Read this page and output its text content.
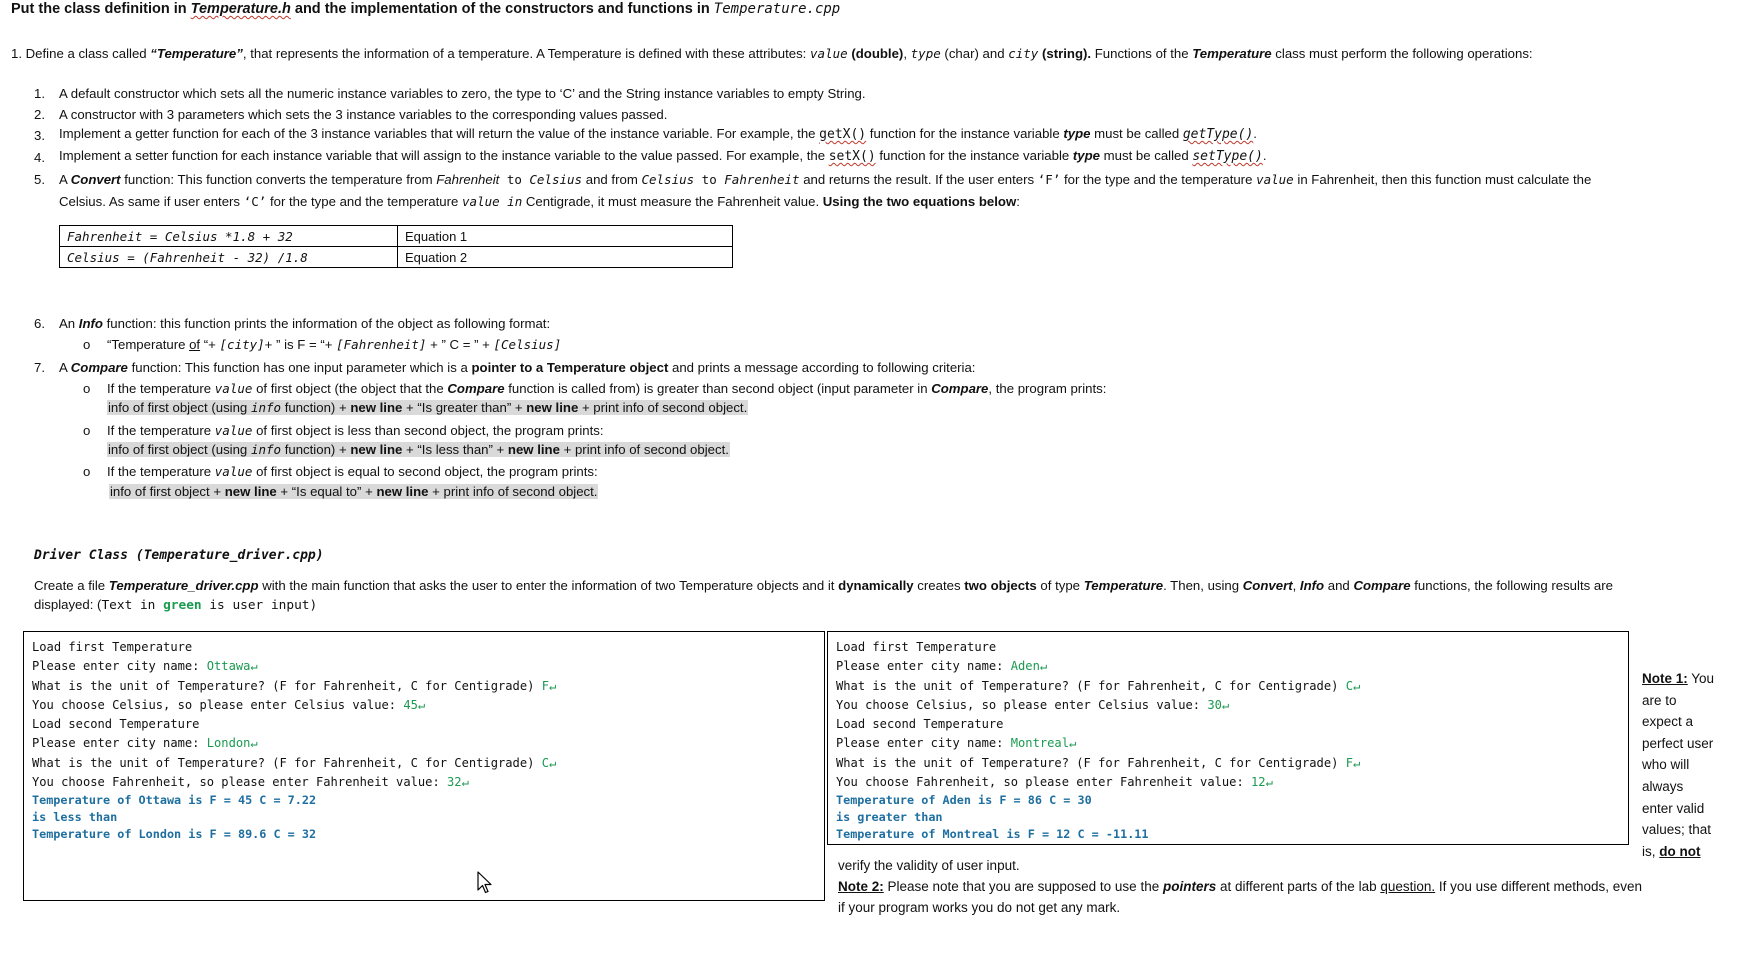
Put the class definition in Temperature.h and the implementation of the constructors and functions in Temperature.cpp
1. Define a class called “Temperature”, that represents the information of a temperature. A Temperature is defined with these attributes: value (double), type (char) and city (string). Functions of the Temperature class must perform the following operations:
1. A default constructor which sets all the numeric instance variables to zero, the type to ‘C’ and the String instance variables to empty String.
2. A constructor with 3 parameters which sets the 3 instance variables to the corresponding values passed.
3. Implement a getter function for each of the 3 instance variables that will return the value of the instance variable. For example, the getX() function for the instance variable type must be called getType().
4. Implement a setter function for each instance variable that will assign to the instance variable to the value passed. For example, the setX() function for the instance variable type must be called setType().
5. A Convert function: This function converts the temperature from Fahrenheit to Celsius and from Celsius to Fahrenheit and returns the result. If the user enters ‘F’ for the type and the temperature value in Fahrenheit, then this function must calculate the
Celsius. As same if user enters ‘C’ for the type and the temperature value in Centigrade, it must measure the Fahrenheit value. Using the two equations below:
Fahrenheit = Celsius *1.8 + 32	Equation 1
Celsius = (Fahrenheit - 32) /1.8	Equation 2
6. An Info function: this function prints the information of the object as following format:
o “Temperature of “+ [city]+ ” is F = “+ [Fahrenheit] + ” C = ” + [Celsius]
7. A Compare function: This function has one input parameter which is a pointer to a Temperature object and prints a message according to following criteria:
o If the temperature value of first object (the object that the Compare function is called from) is greater than second object (input parameter in Compare, the program prints:
info of first object (using info function) + new line + “Is greater than” + new line + print info of second object.
o If the temperature value of first object is less than second object, the program prints:
info of first object (using info function) + new line + “Is less than” + new line + print info of second object.
o If the temperature value of first object is equal to second object, the program prints:
info of first object + new line + “Is equal to” + new line + print info of second object.
Driver Class (Temperature_driver.cpp)
Create a file Temperature_driver.cpp with the main function that asks the user to enter the information of two Temperature objects and it dynamically creates two objects of type Temperature. Then, using Convert, Info and Compare functions, the following results are
displayed: (Text in green is user input)
Load first Temperature
Please enter city name: Ottawa↵
What is the unit of Temperature? (F for Fahrenheit, C for Centigrade) F↵
You choose Celsius, so please enter Celsius value: 45↵
Load second Temperature
Please enter city name: London↵
What is the unit of Temperature? (F for Fahrenheit, C for Centigrade) C↵
You choose Fahrenheit, so please enter Fahrenheit value: 32↵
Temperature of Ottawa is F = 45 C = 7.22
is less than
Temperature of London is F = 89.6 C = 32
Load first Temperature
Please enter city name: Aden↵
What is the unit of Temperature? (F for Fahrenheit, C for Centigrade) C↵
You choose Celsius, so please enter Celsius value: 30↵
Load second Temperature
Please enter city name: Montreal↵
What is the unit of Temperature? (F for Fahrenheit, C for Centigrade) F↵
You choose Fahrenheit, so please enter Fahrenheit value: 12↵
Temperature of Aden is F = 86 C = 30
is greater than
Temperature of Montreal is F = 12 C = -11.11
Note 1: You
are to
expect a
perfect user
who will
always
enter valid
values; that
is, do not
verify the validity of user input.
Note 2: Please note that you are supposed to use the pointers at different parts of the lab question. If you use different methods, even
if your program works you do not get any mark.
